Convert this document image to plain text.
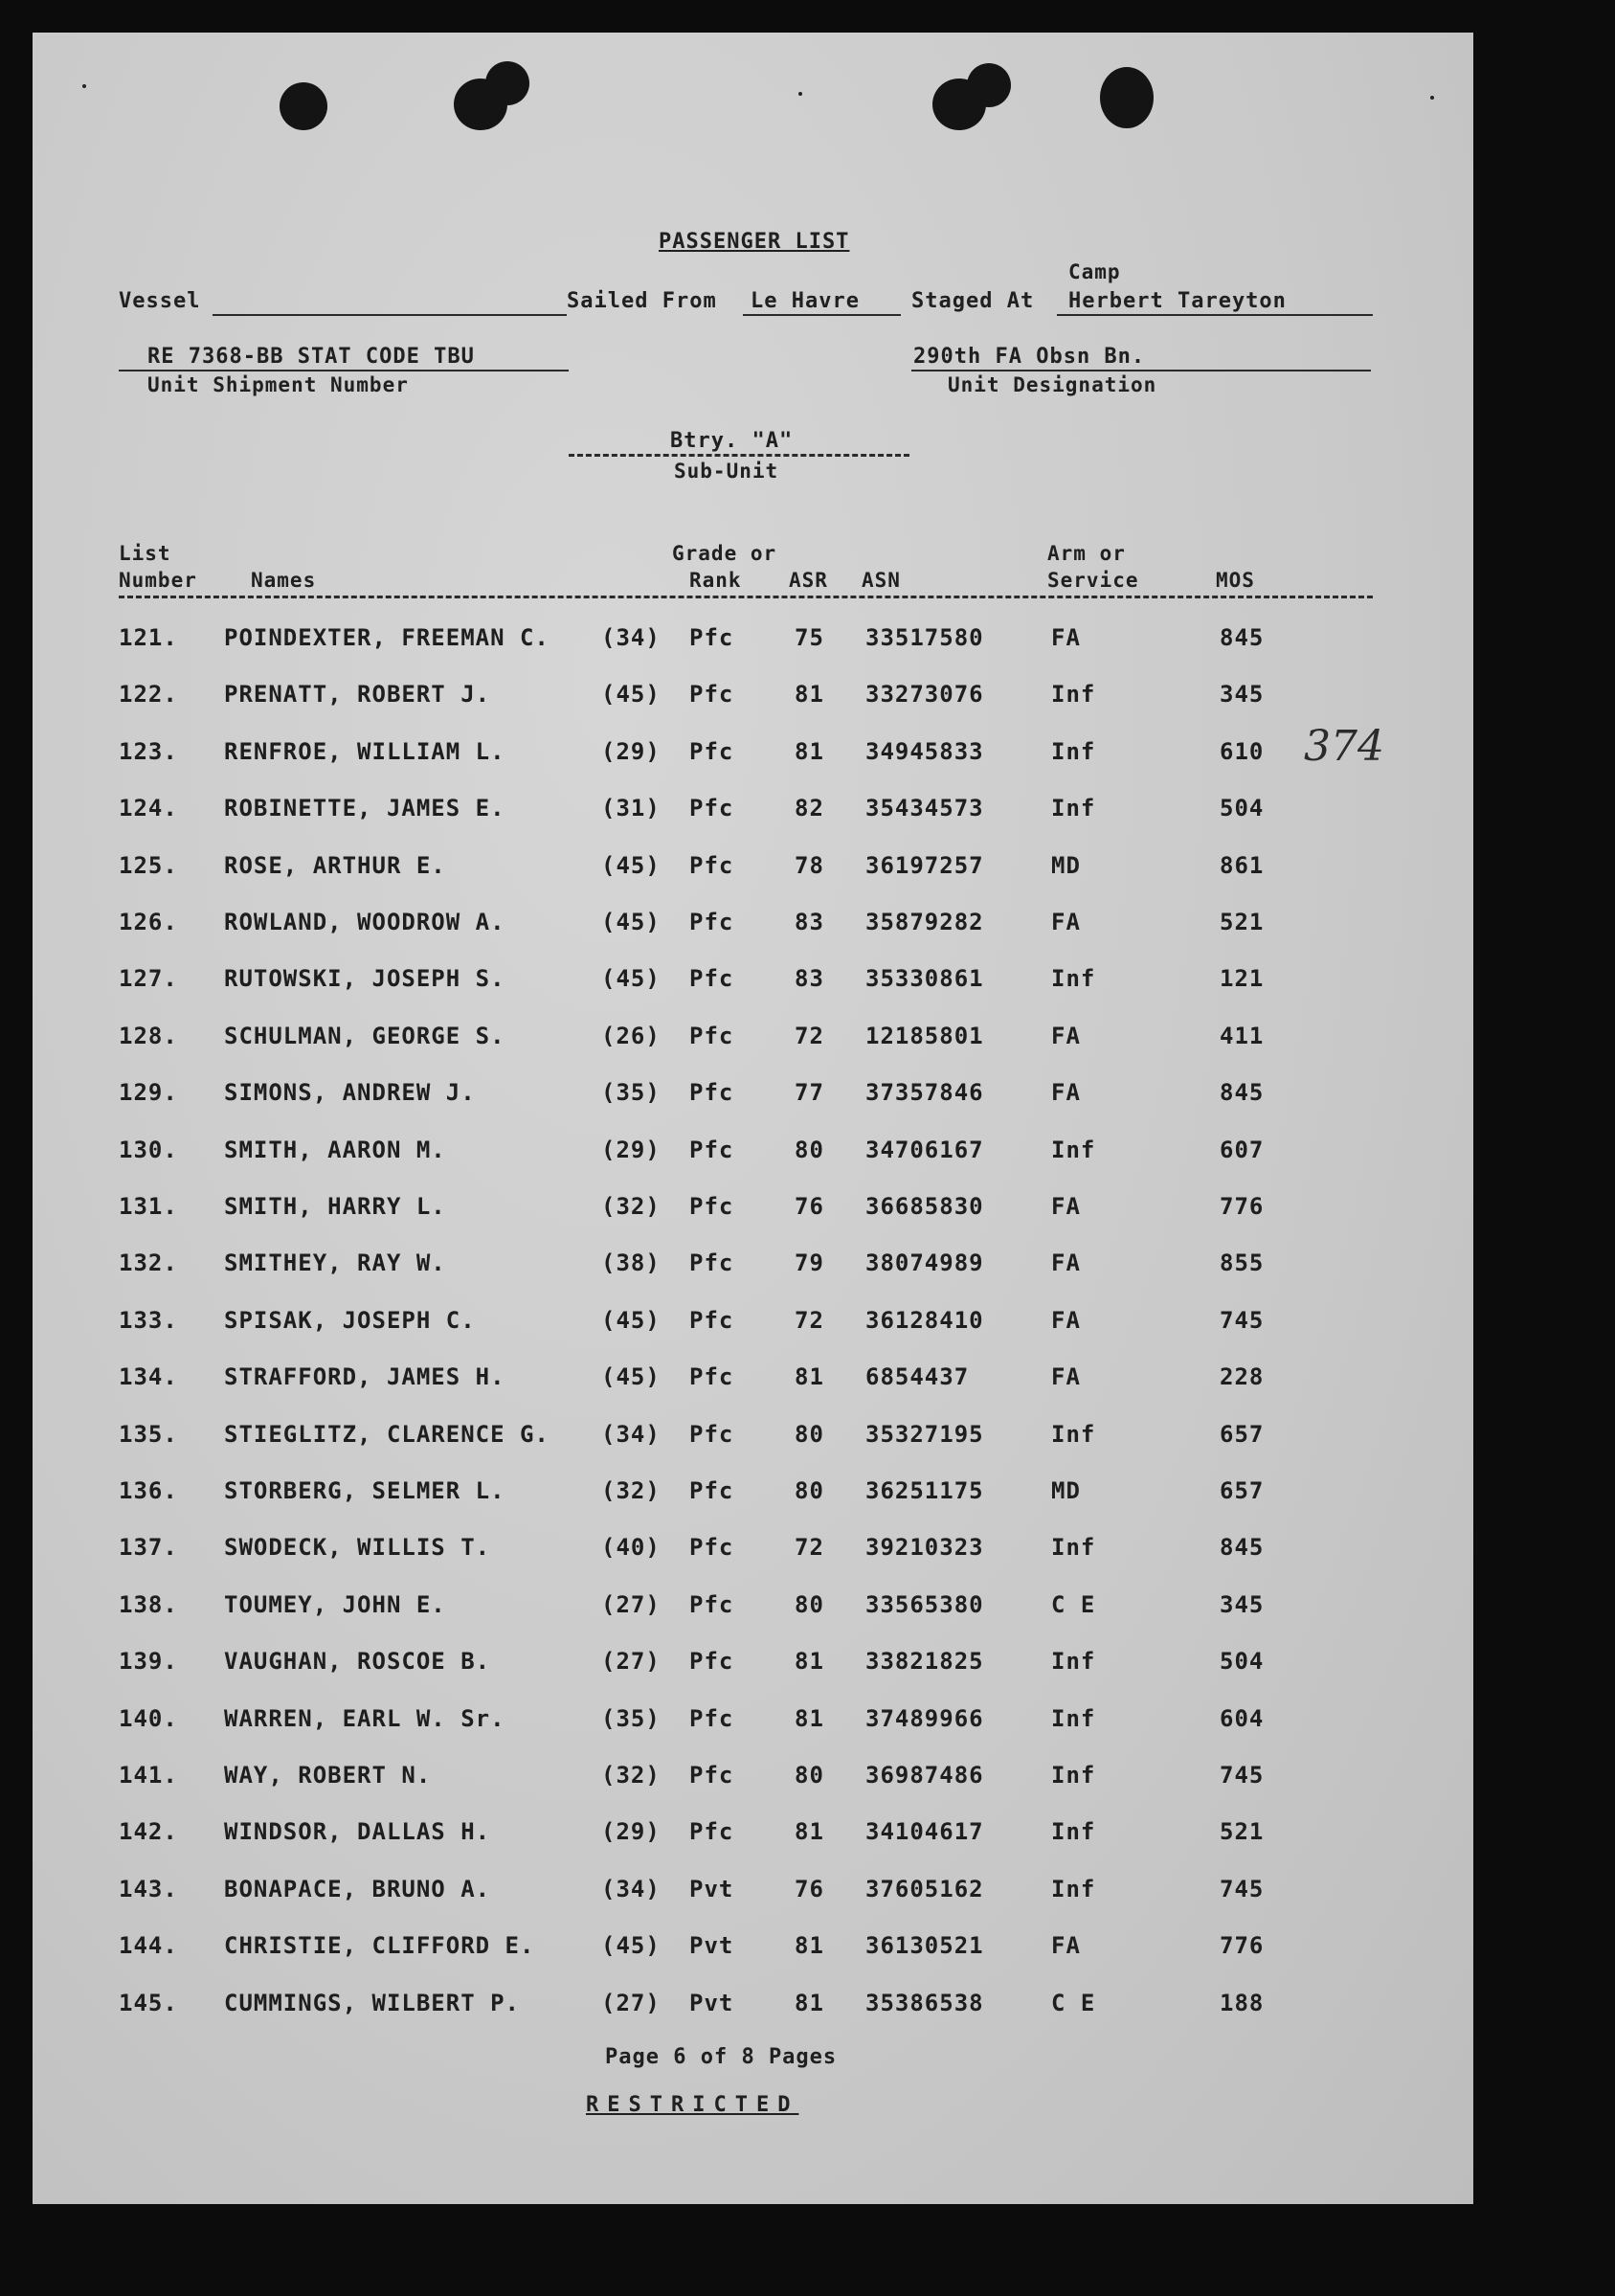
PASSENGER LIST
Vessel	Sailed From Le Havre
Camp
Staged At Herbert Tareyton
RE 7368-BB STAT CODE TBU
Unit Shipment Number
290th FA Obsn Bn.
Unit Designation
Btry. "A"
Sub-Unit
List
Number	Names
Grade or
Rank ASR ASN
Arm or
Service	MOS
121. POINDEXTER, FREEMAN C. (34) Pfc	75 33517580	FA	845
122. PRENATT, ROBERT J.	(45) Pfc	81 33273076	Inf	345
123. RENFROE, WILLIAM L.	(29) Pfc	81 34945833	Inf	610
124. ROBINETTE, JAMES E.	(31) Pfc	82 35434573	Inf	504
125. ROSE, ARTHUR E.	(45) Pfc	78 36197257	MD	861
126. ROWLAND, WOODROW A.	(45) Pfc	83 35879282	FA	521
127. RUTOWSKI, JOSEPH S.	(45) Pfc	83 35330861	Inf	121
128. SCHULMAN, GEORGE S.	(26) Pfc	72 12185801	FA	411
129. SIMONS, ANDREW J.	(35) Pfc	77 37357846	FA	845
130. SMITH, AARON M.	(29) Pfc	80 34706167	Inf	607
131. SMITH, HARRY L.	(32) Pfc	76 36685830	FA	776
132. SMITHEY, RAY W.	(38) Pfc	79 38074989	FA	855
133. SPISAK, JOSEPH C.	(45) Pfc	72 36128410	FA	745
134. STRAFFORD, JAMES H.	(45) Pfc	81 6854437	FA	228
135. STIEGLITZ, CLARENCE G. (34) Pfc	80 35327195	Inf	657
136. STORBERG, SELMER L.	(32) Pfc	80 36251175	MD	657
137. SWODECK, WILLIS T.	(40) Pfc	72 39210323	Inf	845
138. TOUMEY, JOHN E.	(27) Pfc	80 33565380	C E	345
139. VAUGHAN, ROSCOE B.	(27) Pfc	81 33821825	Inf	504
140. WARREN, EARL W. Sr.	(35) Pfc	81 37489966	Inf	604
141. WAY, ROBERT N.	(32) Pfc	80 36987486	Inf	745
142. WINDSOR, DALLAS H.	(29) Pfc	81 34104617	Inf	521
143. BONAPACE, BRUNO A.	(34) Pvt	76 37605162	Inf	745
144. CHRISTIE, CLIFFORD E.	(45) Pvt	81 36130521	FA	776
145. CUMMINGS, WILBERT P.	(27) Pvt	81 35386538	C E	188
374
Page 6 of 8 Pages
RESTRICTED
